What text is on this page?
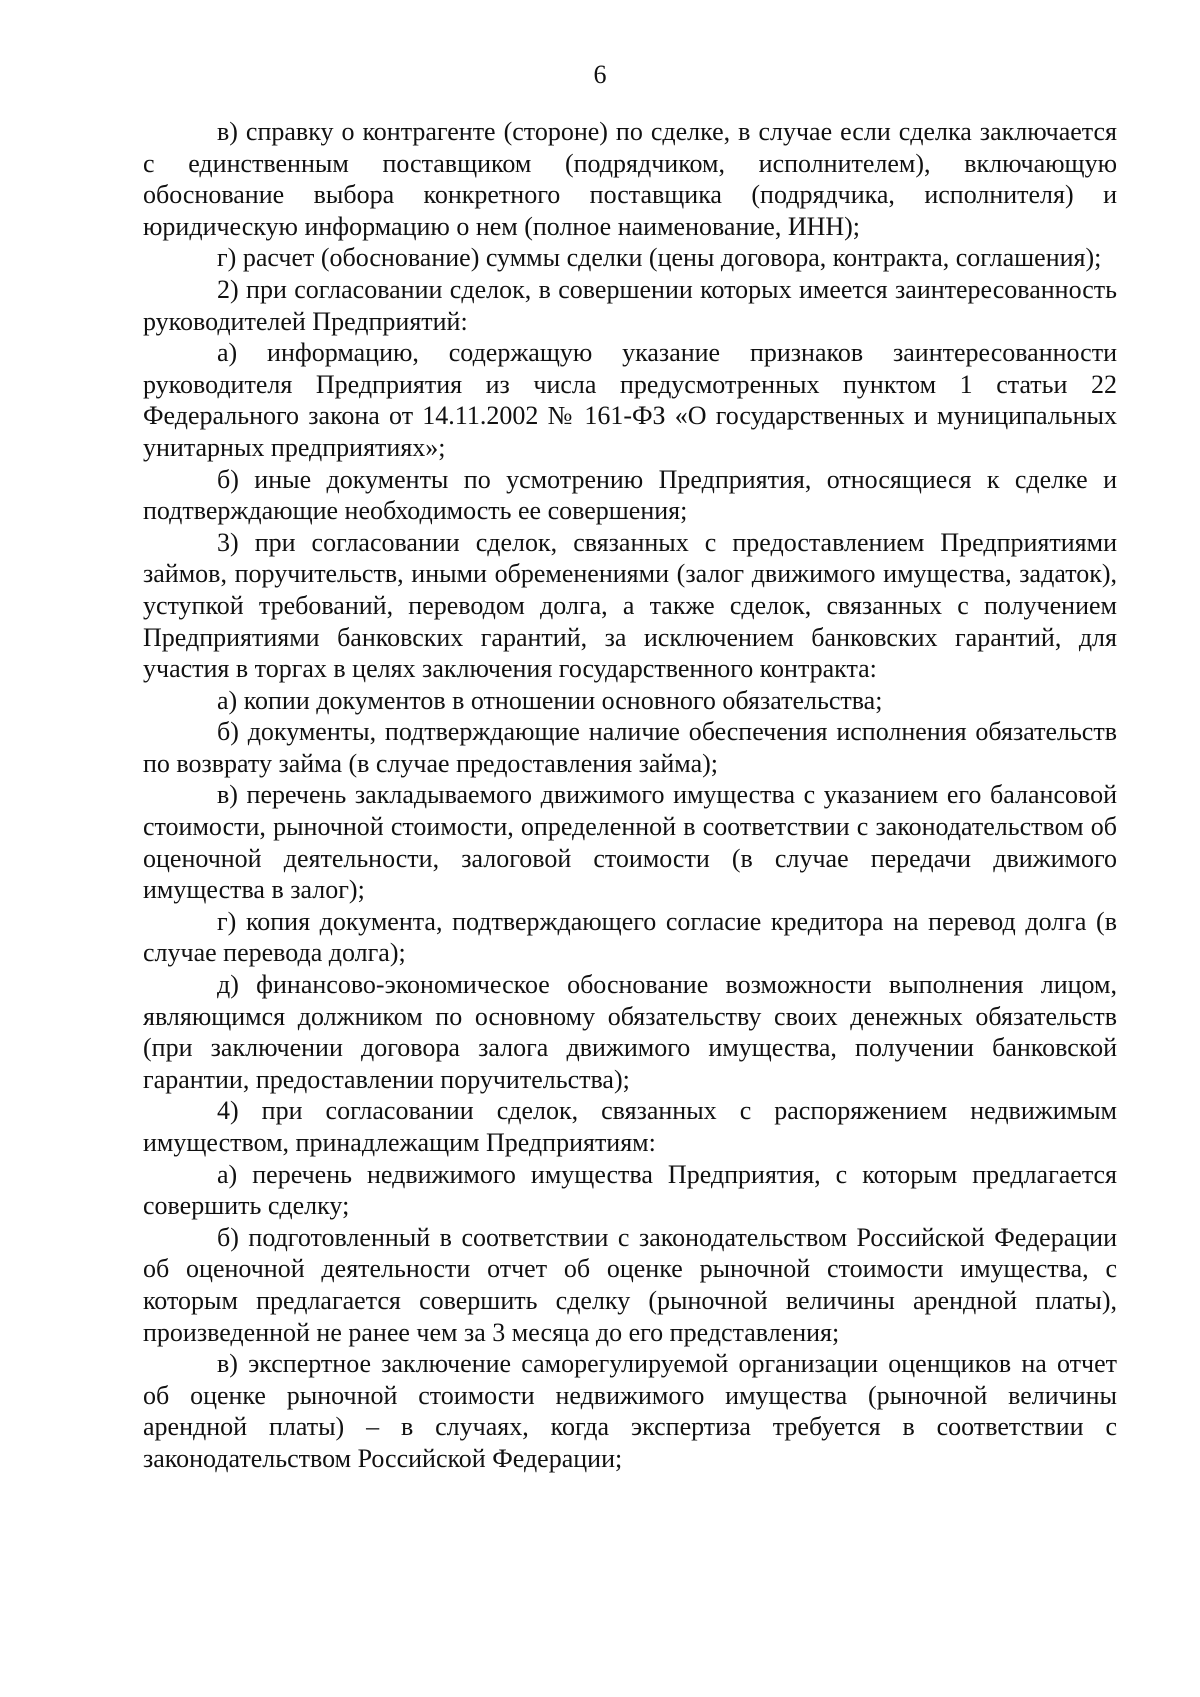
6

в) справку о контрагенте (стороне) по сделке, в случае если сделка заключается с единственным поставщиком (подрядчиком, исполнителем), включающую обоснование выбора конкретного поставщика (подрядчика, исполнителя) и юридическую информацию о нем (полное наименование, ИНН);

г) расчет (обоснование) суммы сделки (цены договора, контракта, соглашения);

2) при согласовании сделок, в совершении которых имеется заинтересованность руководителей Предприятий:

а) информацию, содержащую указание признаков заинтересованности руководителя Предприятия из числа предусмотренных пунктом 1 статьи 22 Федерального закона от 14.11.2002 № 161-ФЗ «О государственных и муниципальных унитарных предприятиях»;

б) иные документы по усмотрению Предприятия, относящиеся к сделке и подтверждающие необходимость ее совершения;

3) при согласовании сделок, связанных с предоставлением Предприятиями займов, поручительств, иными обременениями (залог движимого имущества, задаток), уступкой требований, переводом долга, а также сделок, связанных с получением Предприятиями банковских гарантий, за исключением банковских гарантий, для участия в торгах в целях заключения государственного контракта:

а) копии документов в отношении основного обязательства;

б) документы, подтверждающие наличие обеспечения исполнения обязательств по возврату займа (в случае предоставления займа);

в) перечень закладываемого движимого имущества с указанием его балансовой стоимости, рыночной стоимости, определенной в соответствии с законодательством об оценочной деятельности, залоговой стоимости (в случае передачи движимого имущества в залог);

г) копия документа, подтверждающего согласие кредитора на перевод долга (в случае перевода долга);

д) финансово-экономическое обоснование возможности выполнения лицом, являющимся должником по основному обязательству своих денежных обязательств (при заключении договора залога движимого имущества, получении банковской гарантии, предоставлении поручительства);

4) при согласовании сделок, связанных с распоряжением недвижимым имуществом, принадлежащим Предприятиям:

а) перечень недвижимого имущества Предприятия, с которым предлагается совершить сделку;

б) подготовленный в соответствии с законодательством Российской Федерации об оценочной деятельности отчет об оценке рыночной стоимости имущества, с которым предлагается совершить сделку (рыночной величины арендной платы), произведенной не ранее чем за 3 месяца до его представления;

в) экспертное заключение саморегулируемой организации оценщиков на отчет об оценке рыночной стоимости недвижимого имущества (рыночной величины арендной платы) – в случаях, когда экспертиза требуется в соответствии с законодательством Российской Федерации;
